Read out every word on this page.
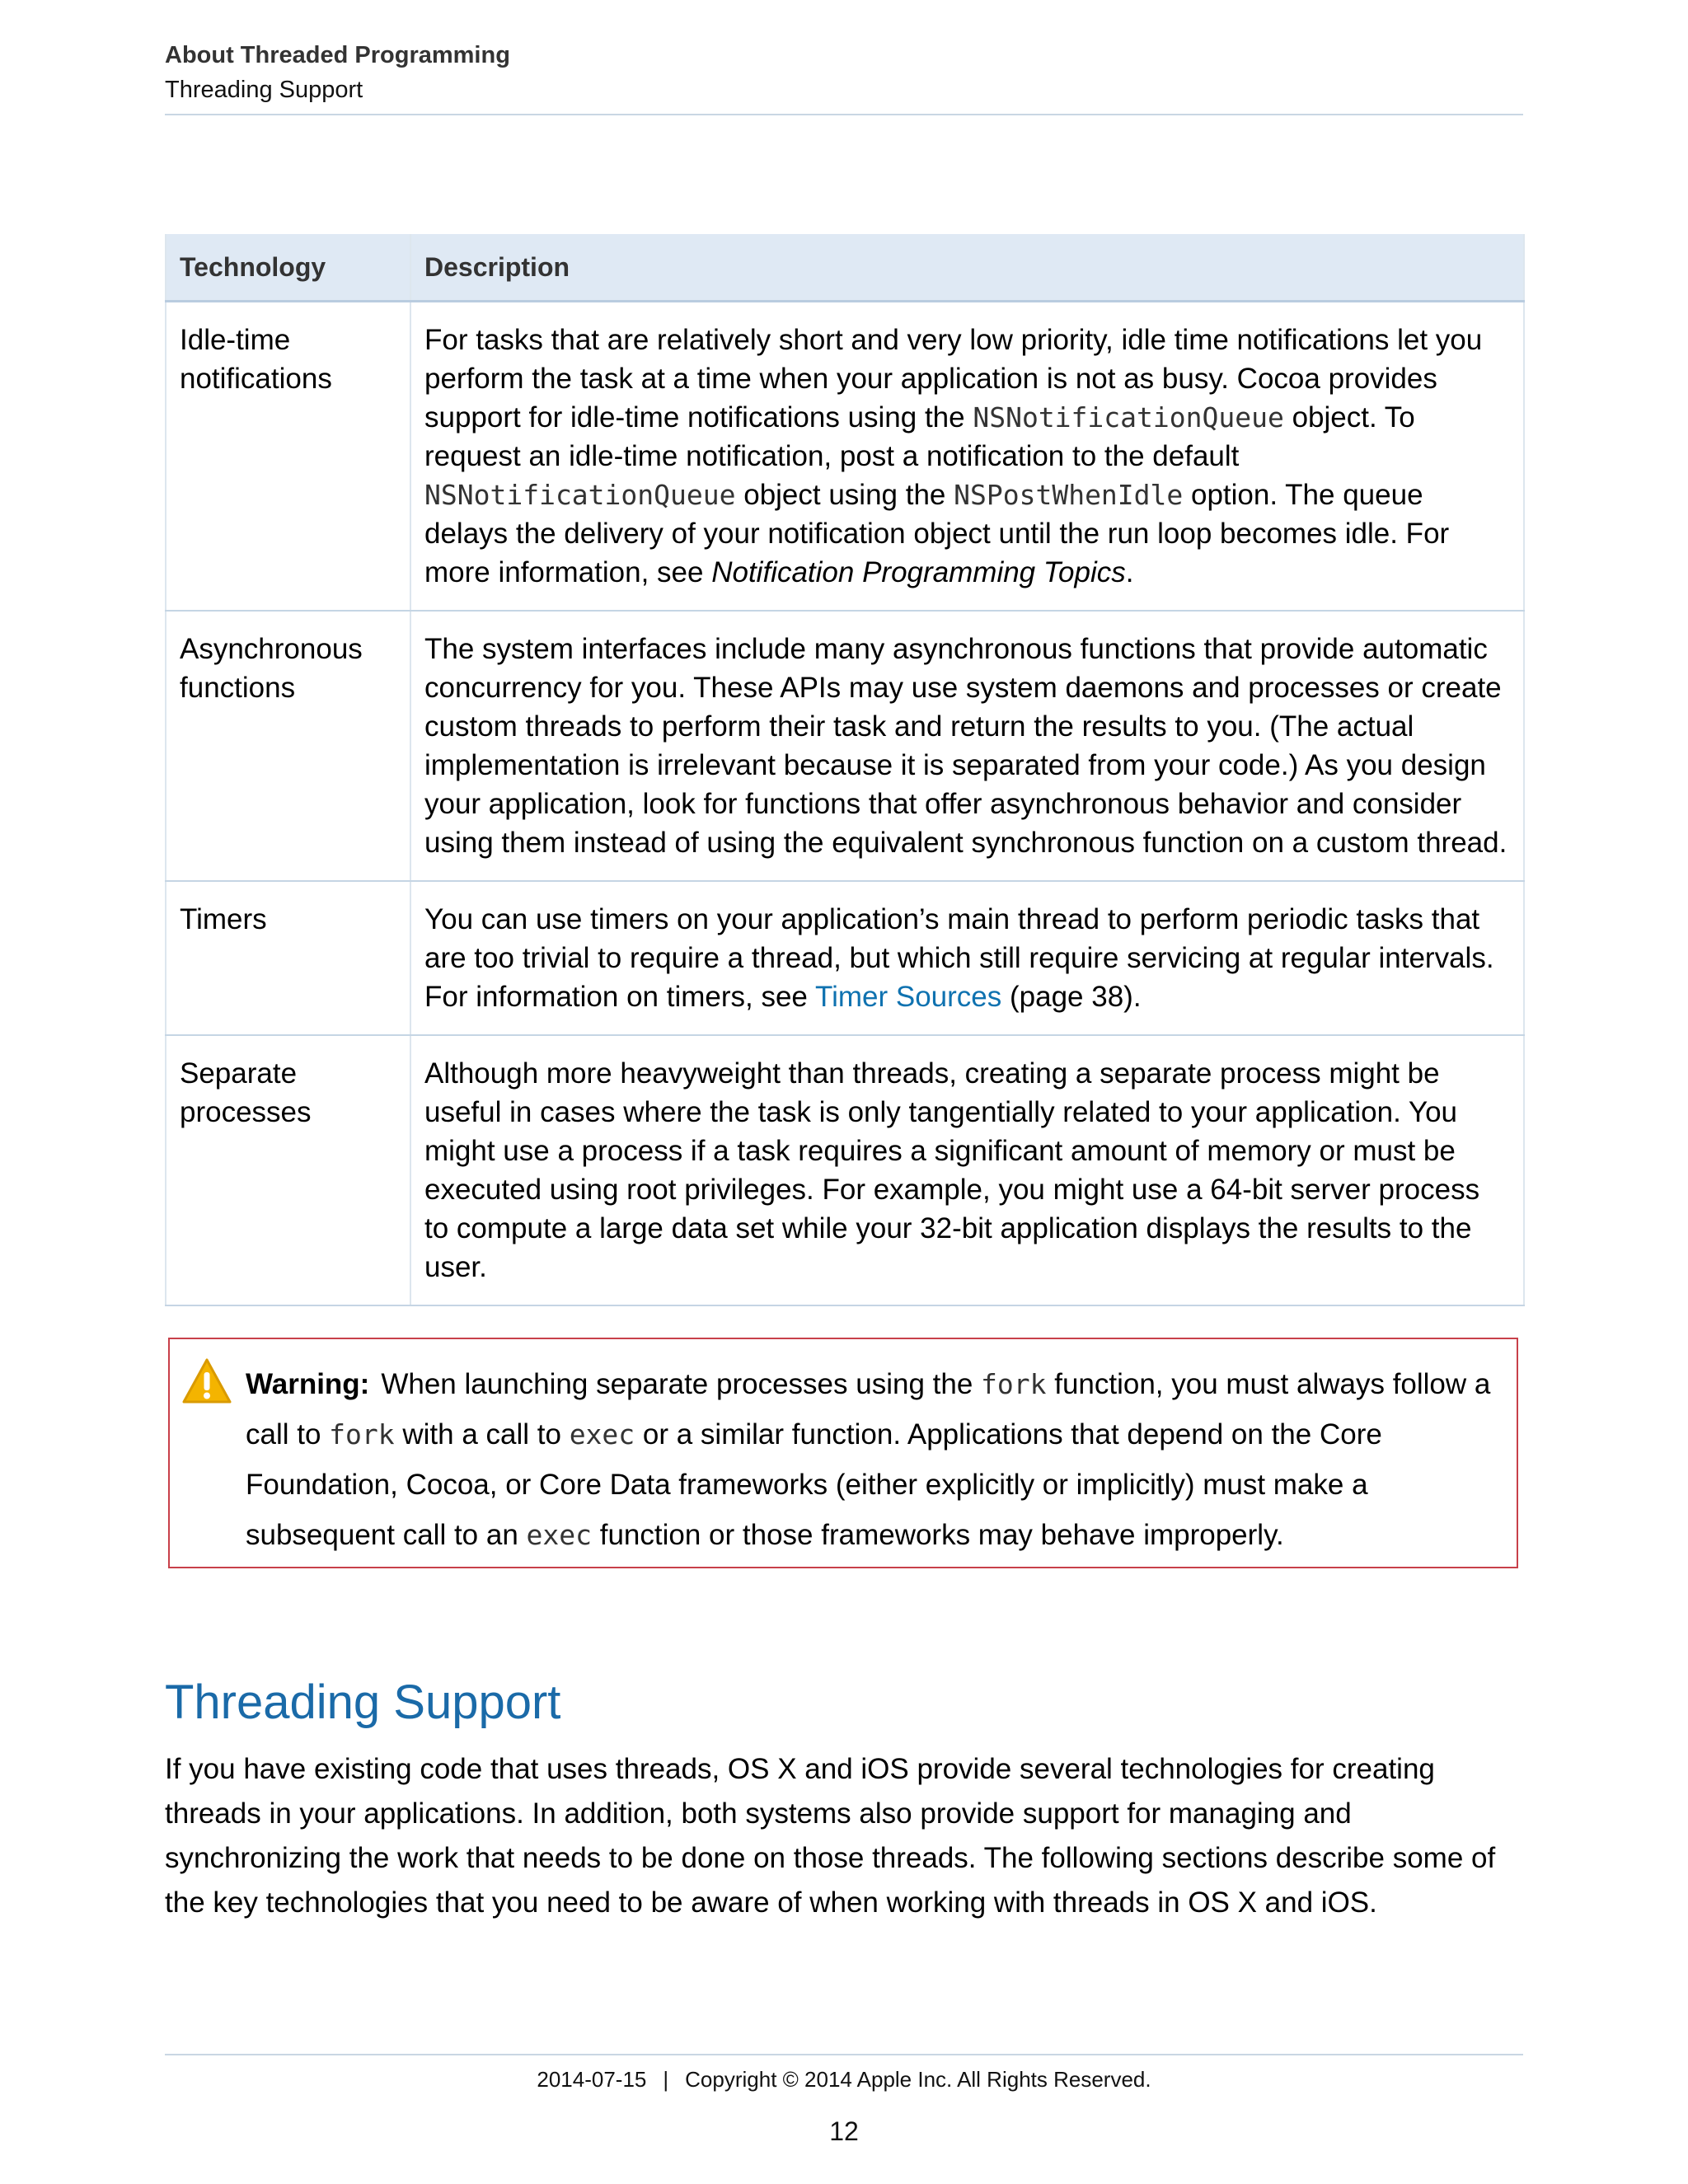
About Threaded Programming
Threading Support
Technology	Description
Idle-time notifications	For tasks that are relatively short and very low priority, idle time notifications let you perform the task at a time when your application is not as busy. Cocoa provides support for idle-time notifications using the NSNotificationQueue object. To request an idle-time notification, post a notification to the default NSNotificationQueue object using the NSPostWhenIdle option. The queue delays the delivery of your notification object until the run loop becomes idle. For more information, see Notification Programming Topics.
Asynchronous functions	The system interfaces include many asynchronous functions that provide automatic concurrency for you. These APIs may use system daemons and processes or create custom threads to perform their task and return the results to you. (The actual implementation is irrelevant because it is separated from your code.) As you design your application, look for functions that offer asynchronous behavior and consider using them instead of using the equivalent synchronous function on a custom thread.
Timers	You can use timers on your application’s main thread to perform periodic tasks that are too trivial to require a thread, but which still require servicing at regular intervals. For information on timers, see Timer Sources (page 38).
Separate processes	Although more heavyweight than threads, creating a separate process might be useful in cases where the task is only tangentially related to your application. You might use a process if a task requires a significant amount of memory or must be executed using root privileges. For example, you might use a 64-bit server process to compute a large data set while your 32-bit application displays the results to the user.
Warning: When launching separate processes using the fork function, you must always follow a call to fork with a call to exec or a similar function. Applications that depend on the Core Foundation, Cocoa, or Core Data frameworks (either explicitly or implicitly) must make a subsequent call to an exec function or those frameworks may behave improperly.
Threading Support

If you have existing code that uses threads, OS X and iOS provide several technologies for creating threads in your applications. In addition, both systems also provide support for managing and synchronizing the work that needs to be done on those threads. The following sections describe some of the key technologies that you need to be aware of when working with threads in OS X and iOS.

2014-07-15 | Copyright © 2014 Apple Inc. All Rights Reserved.
12
